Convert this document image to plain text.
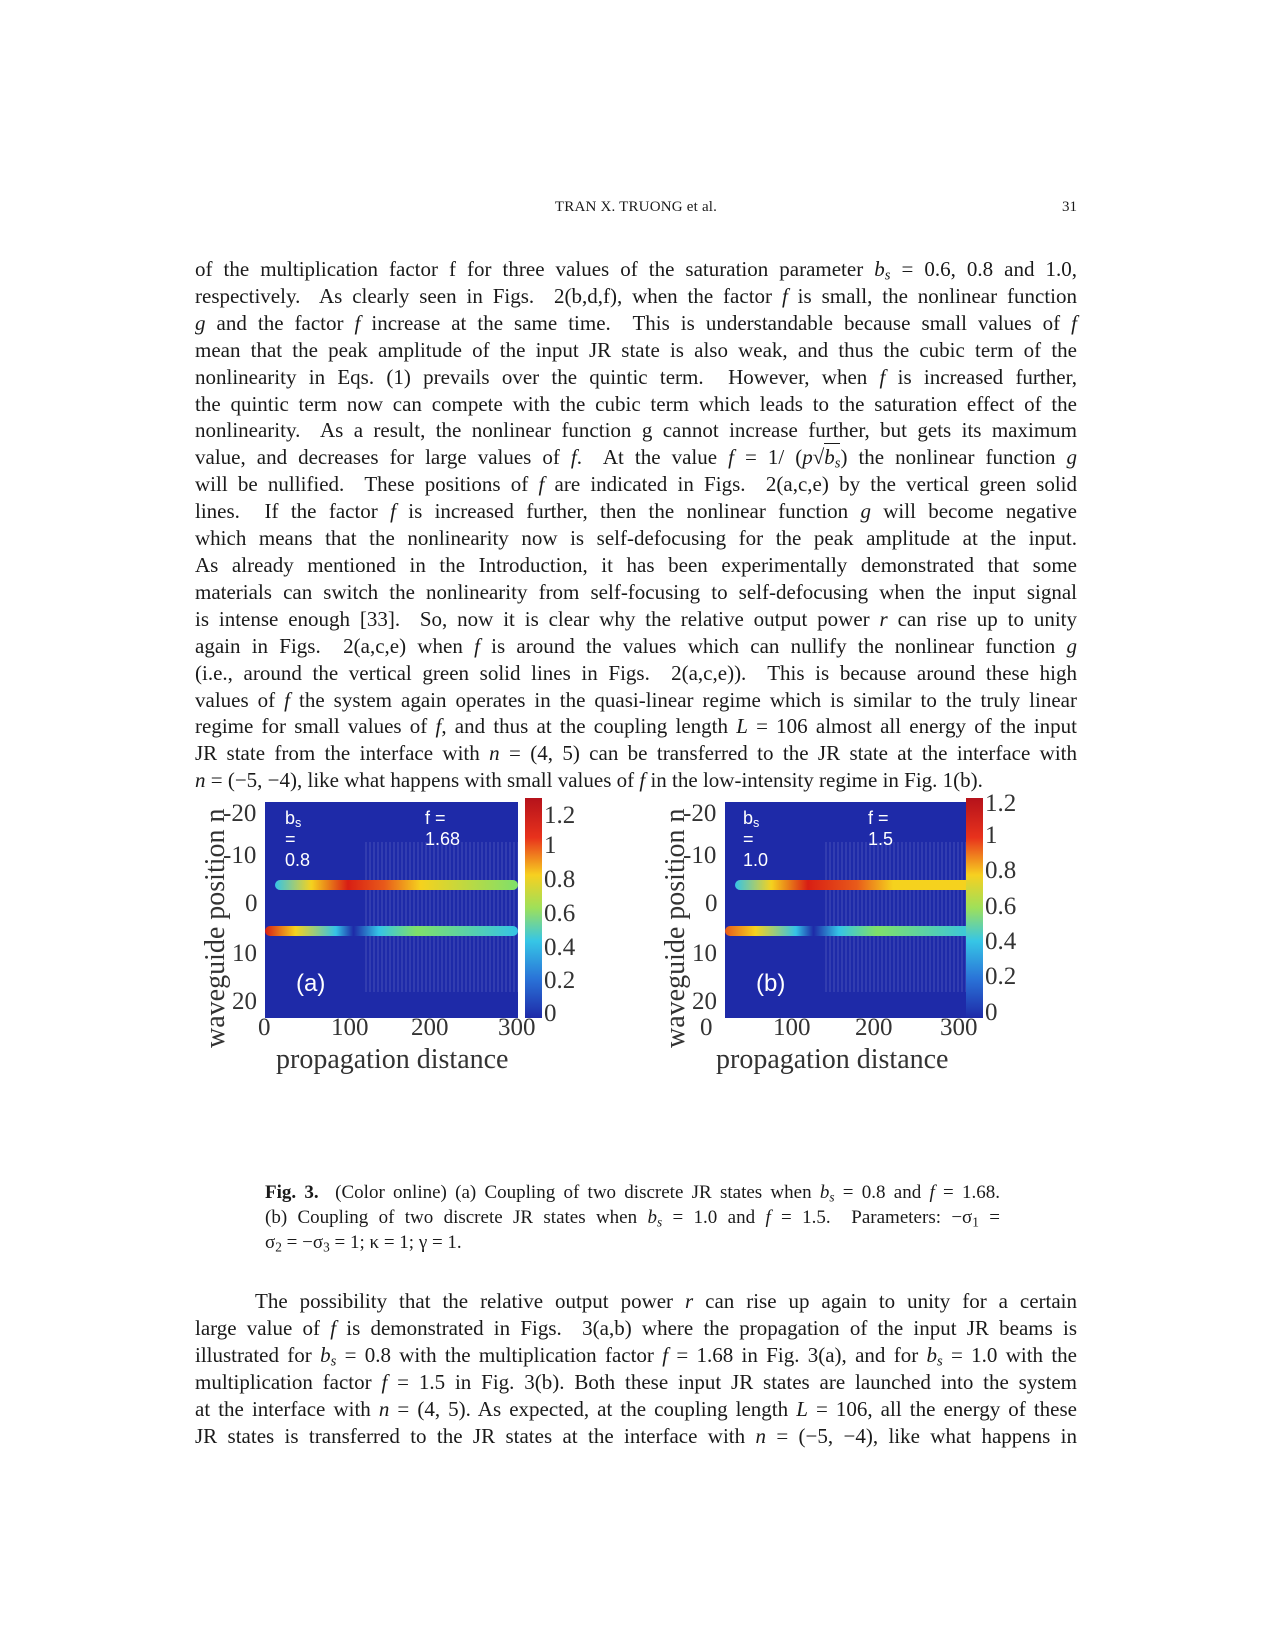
TRAN X. TRUONG et al.	31
of the multiplication factor f for three values of the saturation parameter $b_s = 0.6$, 0.8 and 1.0,
respectively.  As clearly seen in Figs.  2(b,d,f), when the factor f is small, the nonlinear function
g and the factor f increase at the same time.  This is understandable because small values of f
mean that the peak amplitude of the input JR state is also weak, and thus the cubic term of the
nonlinearity in Eqs. (1) prevails over the quintic term.  However, when f is increased further,
the quintic term now can compete with the cubic term which leads to the saturation effect of the
nonlinearity.  As a result, the nonlinear function g cannot increase further, but gets its maximum
value, and decreases for large values of f.  At the value f = 1/ $(p√b_s)$ the nonlinear function g
will be nullified.  These positions of f are indicated in Figs.  2(a,c,e) by the vertical green solid
lines.  If the factor f is increased further, then the nonlinear function g will become negative
which means that the nonlinearity now is self-defocusing for the peak amplitude at the input.
As already mentioned in the Introduction, it has been experimentally demonstrated that some
materials can switch the nonlinearity from self-focusing to self-defocusing when the input signal
is intense enough [33].  So, now it is clear why the relative output power r can rise up to unity
again in Figs.  2(a,c,e) when f is around the values which can nullify the nonlinear function g
(i.e., around the vertical green solid lines in Figs.  2(a,c,e)).  This is because around these high
values of f the system again operates in the quasi-linear regime which is similar to the truly linear
regime for small values of f, and thus at the coupling length L = 106 almost all energy of the input
JR state from the interface with n = (4, 5) can be transferred to the JR state at the interface with
n = (−5, −4), like what happens with small values of f in the low-intensity regime in Fig. 1(b).
waveguide position n
-20
-10
0
10
20
$b_s = 0.8$
f = 1.68
(a)
1.2
1
0.8
0.6
0.4
0.2
0
0 100 200 300
propagation distance
waveguide position n
-20
-10
0
10
20
$b_s = 1.0$
f = 1.5
(b)
1.2
1
0.8
0.6
0.4
0.2
0
0 100 200 300
propagation distance
Fig. 3.  (Color online) (a) Coupling of two discrete JR states when $b_s = 0.8$ and f = 1.68.
(b) Coupling of two discrete JR states when $b_s = 1.0$ and f = 1.5.  Parameters: $-\sigma_1$ =
$\sigma_2 = -\sigma_3 = 1$; κ = 1; γ = 1.
The possibility that the relative output power r can rise up again to unity for a certain
large value of f is demonstrated in Figs.  3(a,b) where the propagation of the input JR beams is
illustrated for $b_s = 0.8$ with the multiplication factor f = 1.68 in Fig. 3(a), and for $b_s = 1.0$ with the
multiplication factor f = 1.5 in Fig. 3(b). Both these input JR states are launched into the system
at the interface with n = (4, 5). As expected, at the coupling length L = 106, all the energy of these
JR states is transferred to the JR states at the interface with n = (−5, −4), like what happens in
